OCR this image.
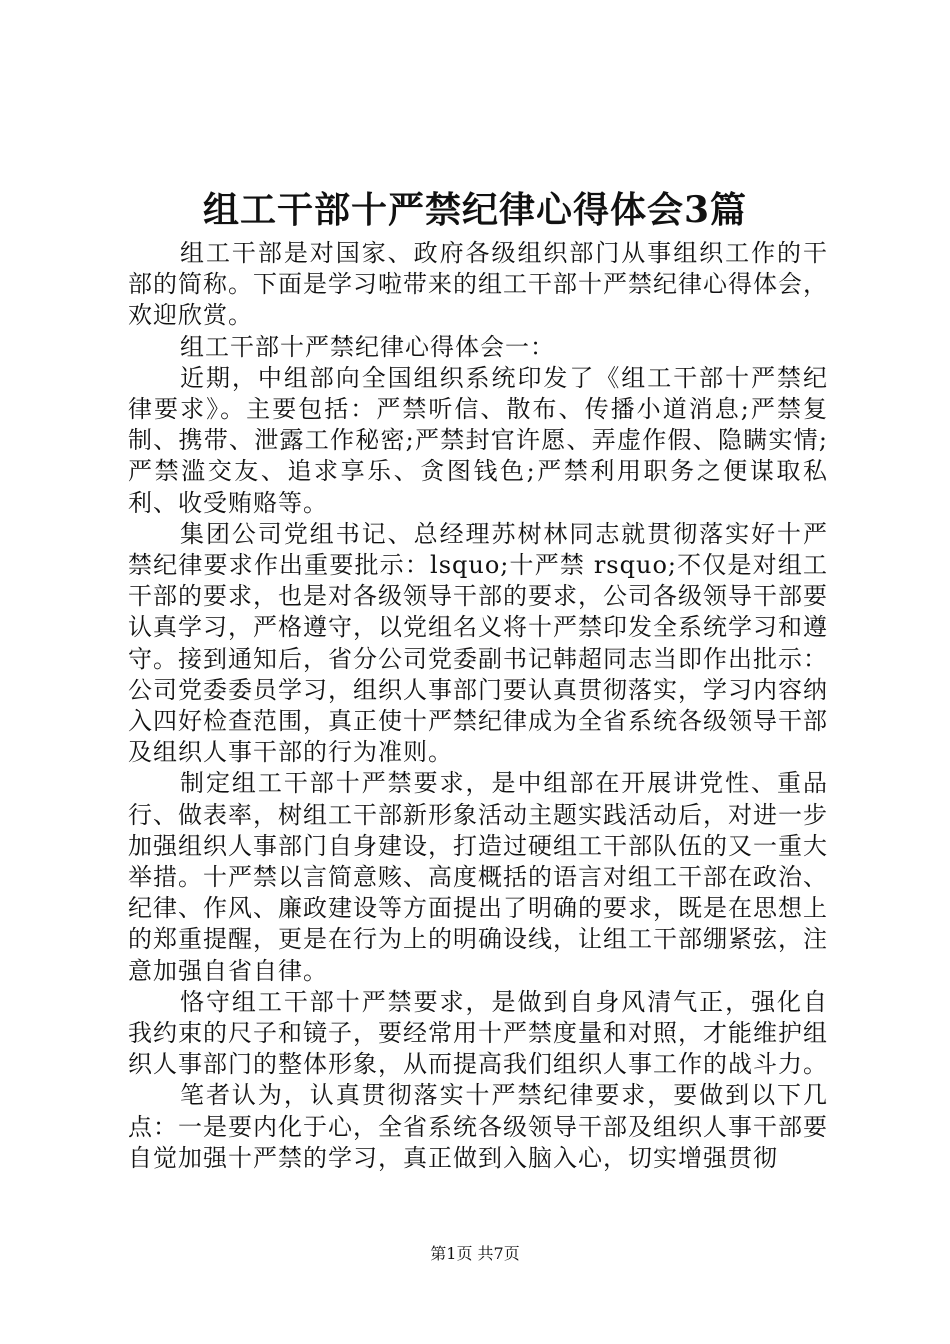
组工干部十严禁纪律心得体会3篇

组工干部是对国家、政府各级组织部门从事组织工作的干部的简称。下面是学习啦带来的组工干部十严禁纪律心得体会，欢迎欣赏。

组工干部十严禁纪律心得体会一：

近期，中组部向全国组织系统印发了《组工干部十严禁纪律要求》。主要包括：严禁听信、散布、传播小道消息;严禁复制、携带、泄露工作秘密;严禁封官许愿、弄虚作假、隐瞒实情;严禁滥交友、追求享乐、贪图钱色;严禁利用职务之便谋取私利、收受贿赂等。

集团公司党组书记、总经理苏树林同志就贯彻落实好十严禁纪律要求作出重要批示：lsquo;十严禁 rsquo;不仅是对组工干部的要求，也是对各级领导干部的要求，公司各级领导干部要认真学习，严格遵守，以党组名义将十严禁印发全系统学习和遵守。接到通知后，省分公司党委副书记韩超同志当即作出批示：公司党委委员学习，组织人事部门要认真贯彻落实，学习内容纳入四好检查范围，真正使十严禁纪律成为全省系统各级领导干部及组织人事干部的行为准则。

制定组工干部十严禁要求，是中组部在开展讲党性、重品行、做表率，树组工干部新形象活动主题实践活动后，对进一步加强组织人事部门自身建设，打造过硬组工干部队伍的又一重大举措。十严禁以言简意赅、高度概括的语言对组工干部在政治、纪律、作风、廉政建设等方面提出了明确的要求，既是在思想上的郑重提醒，更是在行为上的明确设线，让组工干部绷紧弦，注意加强自省自律。

恪守组工干部十严禁要求，是做到自身风清气正，强化自我约束的尺子和镜子，要经常用十严禁度量和对照，才能维护组织人事部门的整体形象，从而提高我们组织人事工作的战斗力。

笔者认为，认真贯彻落实十严禁纪律要求，要做到以下几点：一是要内化于心，全省系统各级领导干部及组织人事干部要自觉加强十严禁的学习，真正做到入脑入心，切实增强贯彻

第1页 共7页
